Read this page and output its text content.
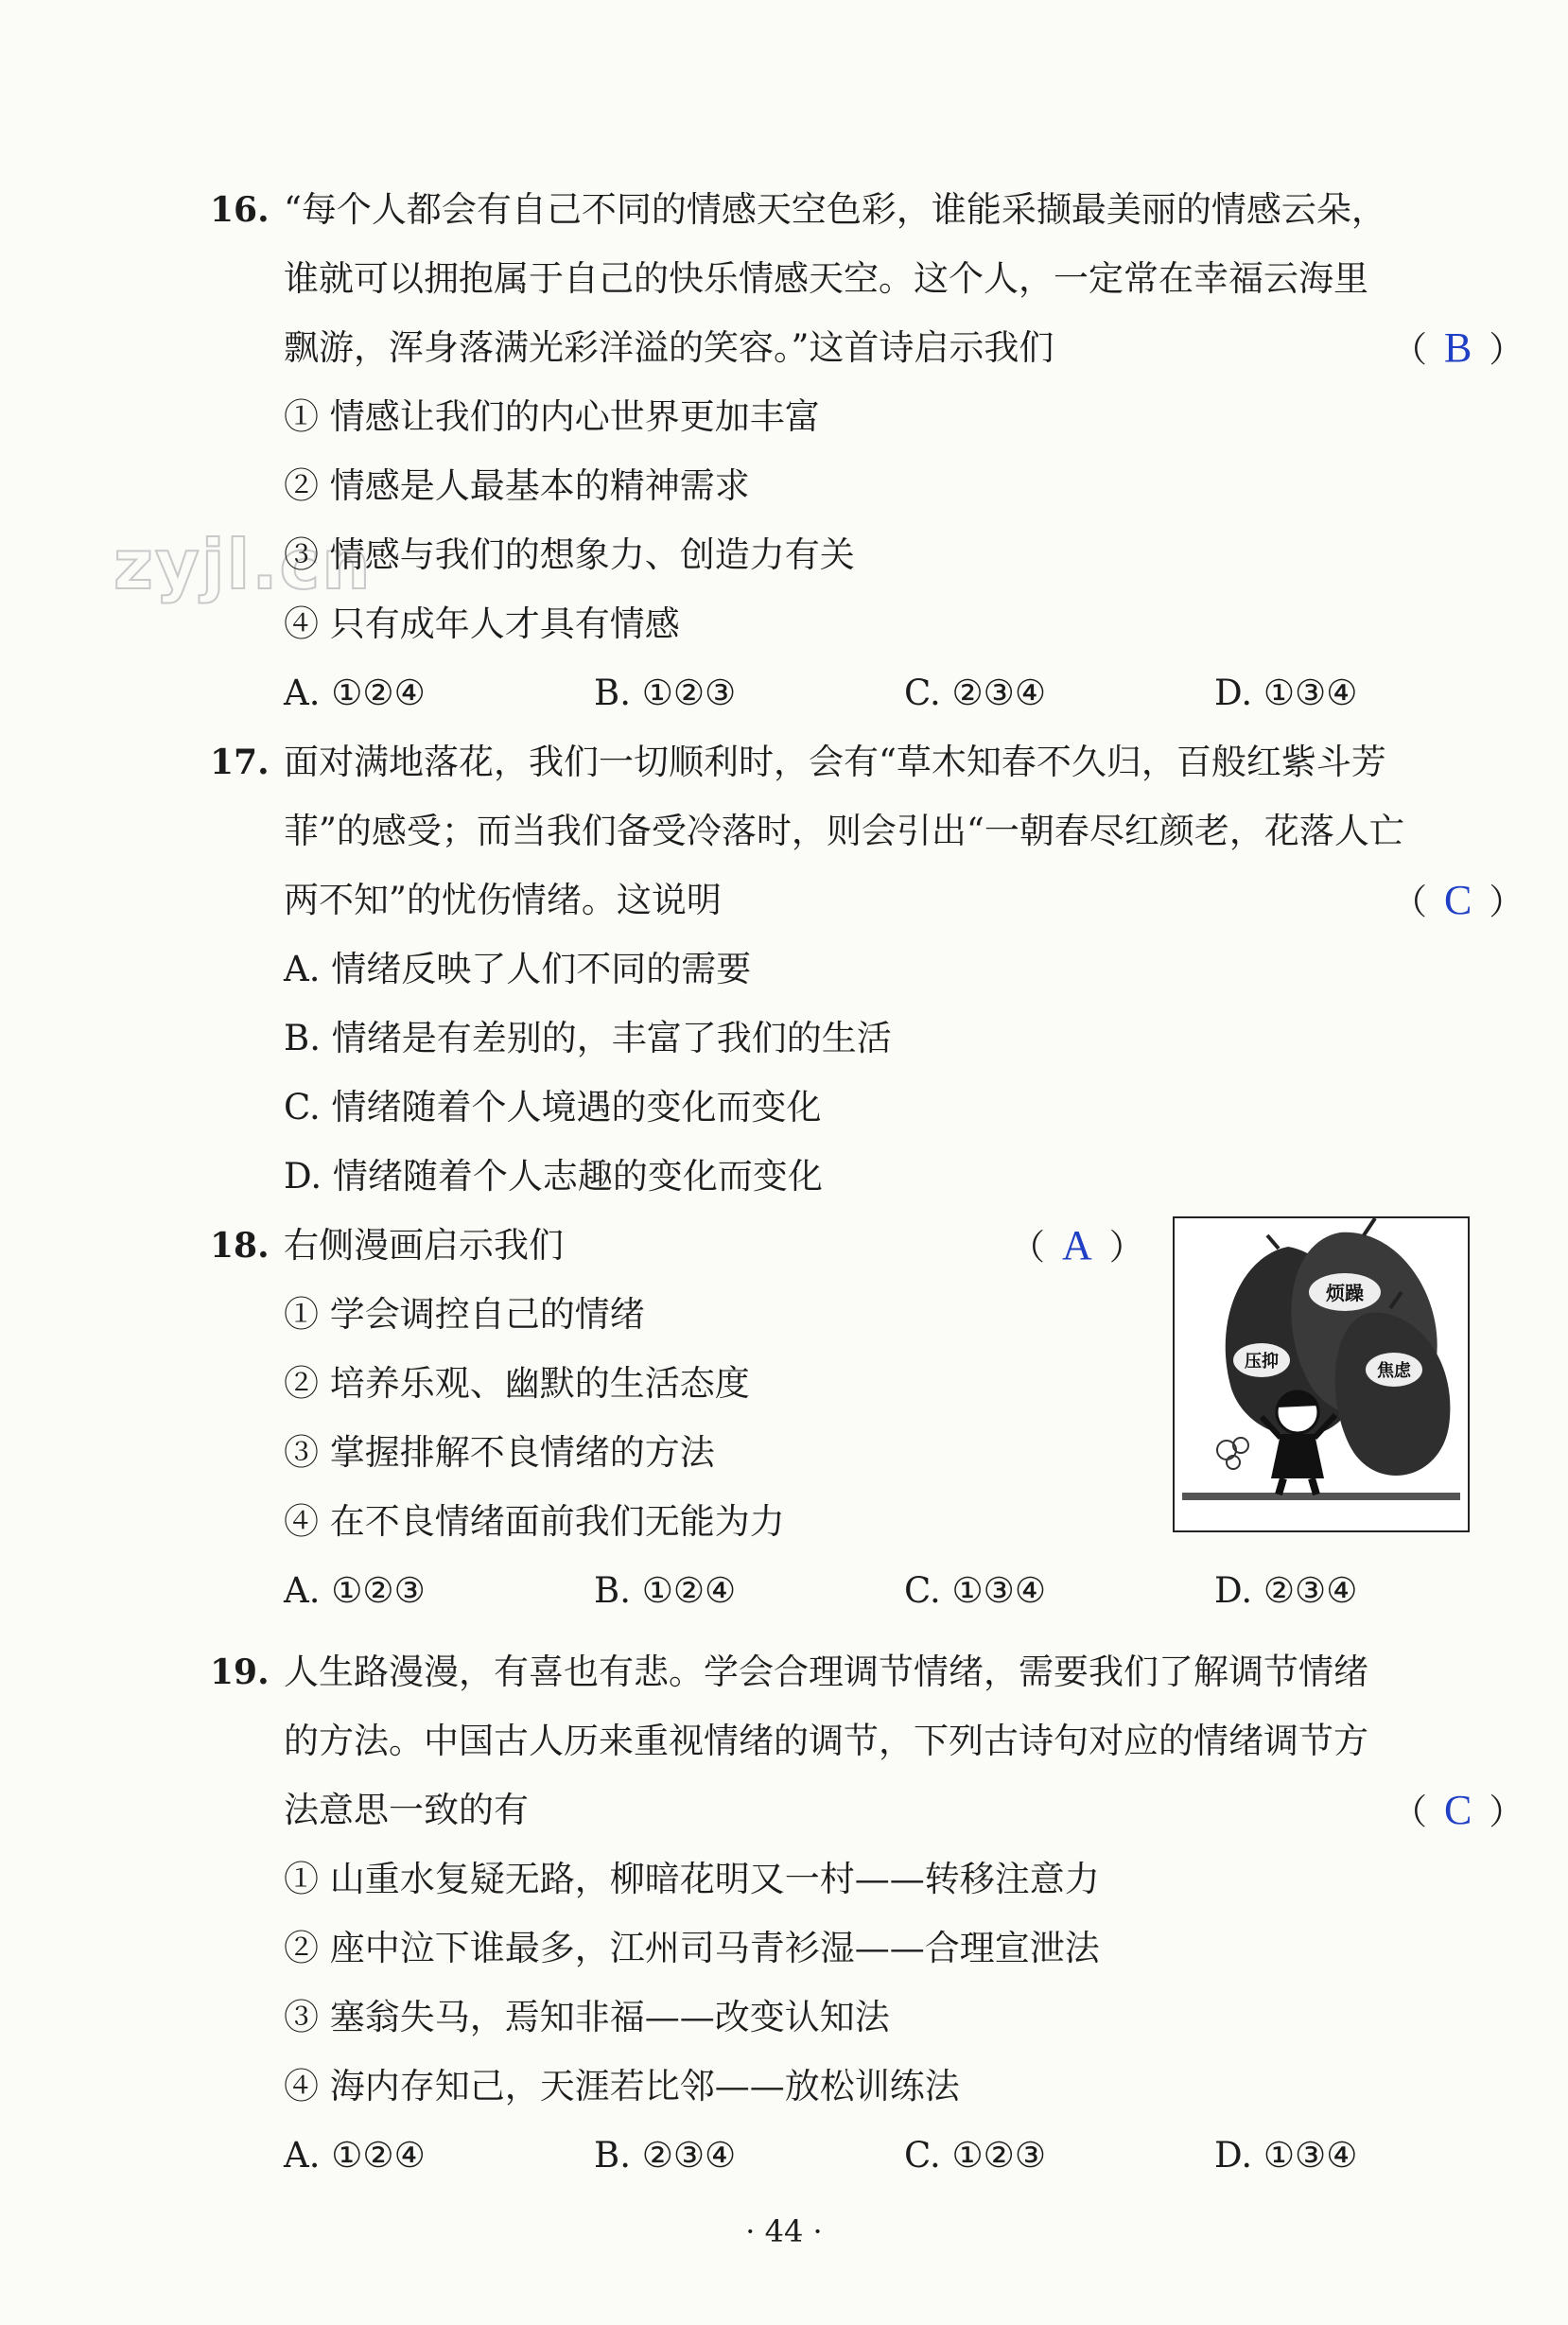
zyjl.cn
16. “每个人都会有自己不同的情感天空色彩，谁能采撷最美丽的情感云朵，
谁就可以拥抱属于自己的快乐情感天空。这个人，一定常在幸福云海里
飘游，浑身落满光彩洋溢的笑容。”这首诗启示我们	（ B ）
① 情感让我们的内心世界更加丰富
② 情感是人最基本的精神需求
③ 情感与我们的想象力、创造力有关
④ 只有成年人才具有情感
A. ①②④	B. ①②③	C. ②③④	D. ①③④
17. 面对满地落花，我们一切顺利时，会有“草木知春不久归，百般红紫斗芳
菲”的感受；而当我们备受冷落时，则会引出“一朝春尽红颜老，花落人亡
两不知”的忧伤情绪。这说明	（ C ）
A. 情绪反映了人们不同的需要
B. 情绪是有差别的，丰富了我们的生活
C. 情绪随着个人境遇的变化而变化
D. 情绪随着个人志趣的变化而变化
18. 右侧漫画启示我们	（ A ）
① 学会调控自己的情绪
② 培养乐观、幽默的生活态度
③ 掌握排解不良情绪的方法
④ 在不良情绪面前我们无能为力
烦躁
压抑	焦虑
A. ①②③	B. ①②④	C. ①③④	D. ②③④
19. 人生路漫漫，有喜也有悲。学会合理调节情绪，需要我们了解调节情绪
的方法。中国古人历来重视情绪的调节，下列古诗句对应的情绪调节方
法意思一致的有	（ C ）
① 山重水复疑无路，柳暗花明又一村——转移注意力
② 座中泣下谁最多，江州司马青衫湿——合理宣泄法
③ 塞翁失马，焉知非福——改变认知法
④ 海内存知己，天涯若比邻——放松训练法
A. ①②④	B. ②③④	C. ①②③	D. ①③④
· 44 ·
